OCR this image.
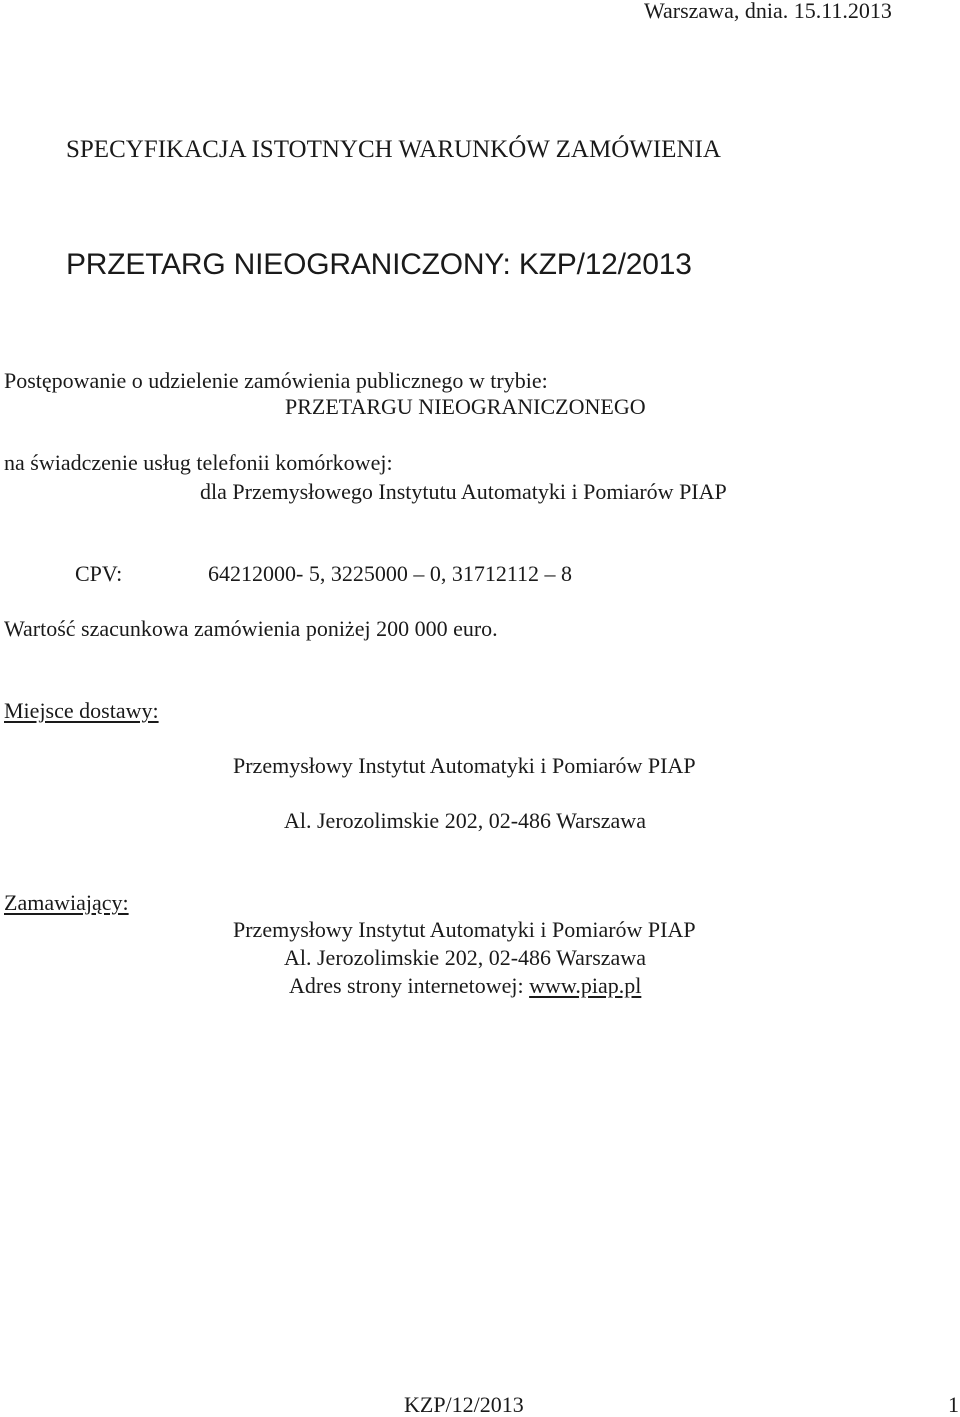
Warszawa, dnia. 15.11.2013
SPECYFIKACJA ISTOTNYCH WARUNKÓW ZAMÓWIENIA
PRZETARG NIEOGRANICZONY: KZP/12/2013
Postępowanie o udzielenie zamówienia publicznego w trybie:
PRZETARGU NIEOGRANICZONEGO
na świadczenie usług telefonii komórkowej:
dla Przemysłowego Instytutu Automatyki i Pomiarów PIAP
CPV:	64212000- 5, 3225000 – 0, 31712112 – 8
Wartość szacunkowa zamówienia poniżej 200 000 euro.
Miejsce dostawy:
Przemysłowy Instytut Automatyki i Pomiarów PIAP
Al. Jerozolimskie 202, 02-486 Warszawa
Zamawiający:
Przemysłowy Instytut Automatyki i Pomiarów PIAP
Al. Jerozolimskie 202, 02-486 Warszawa
Adres strony internetowej: www.piap.pl
KZP/12/2013	1
